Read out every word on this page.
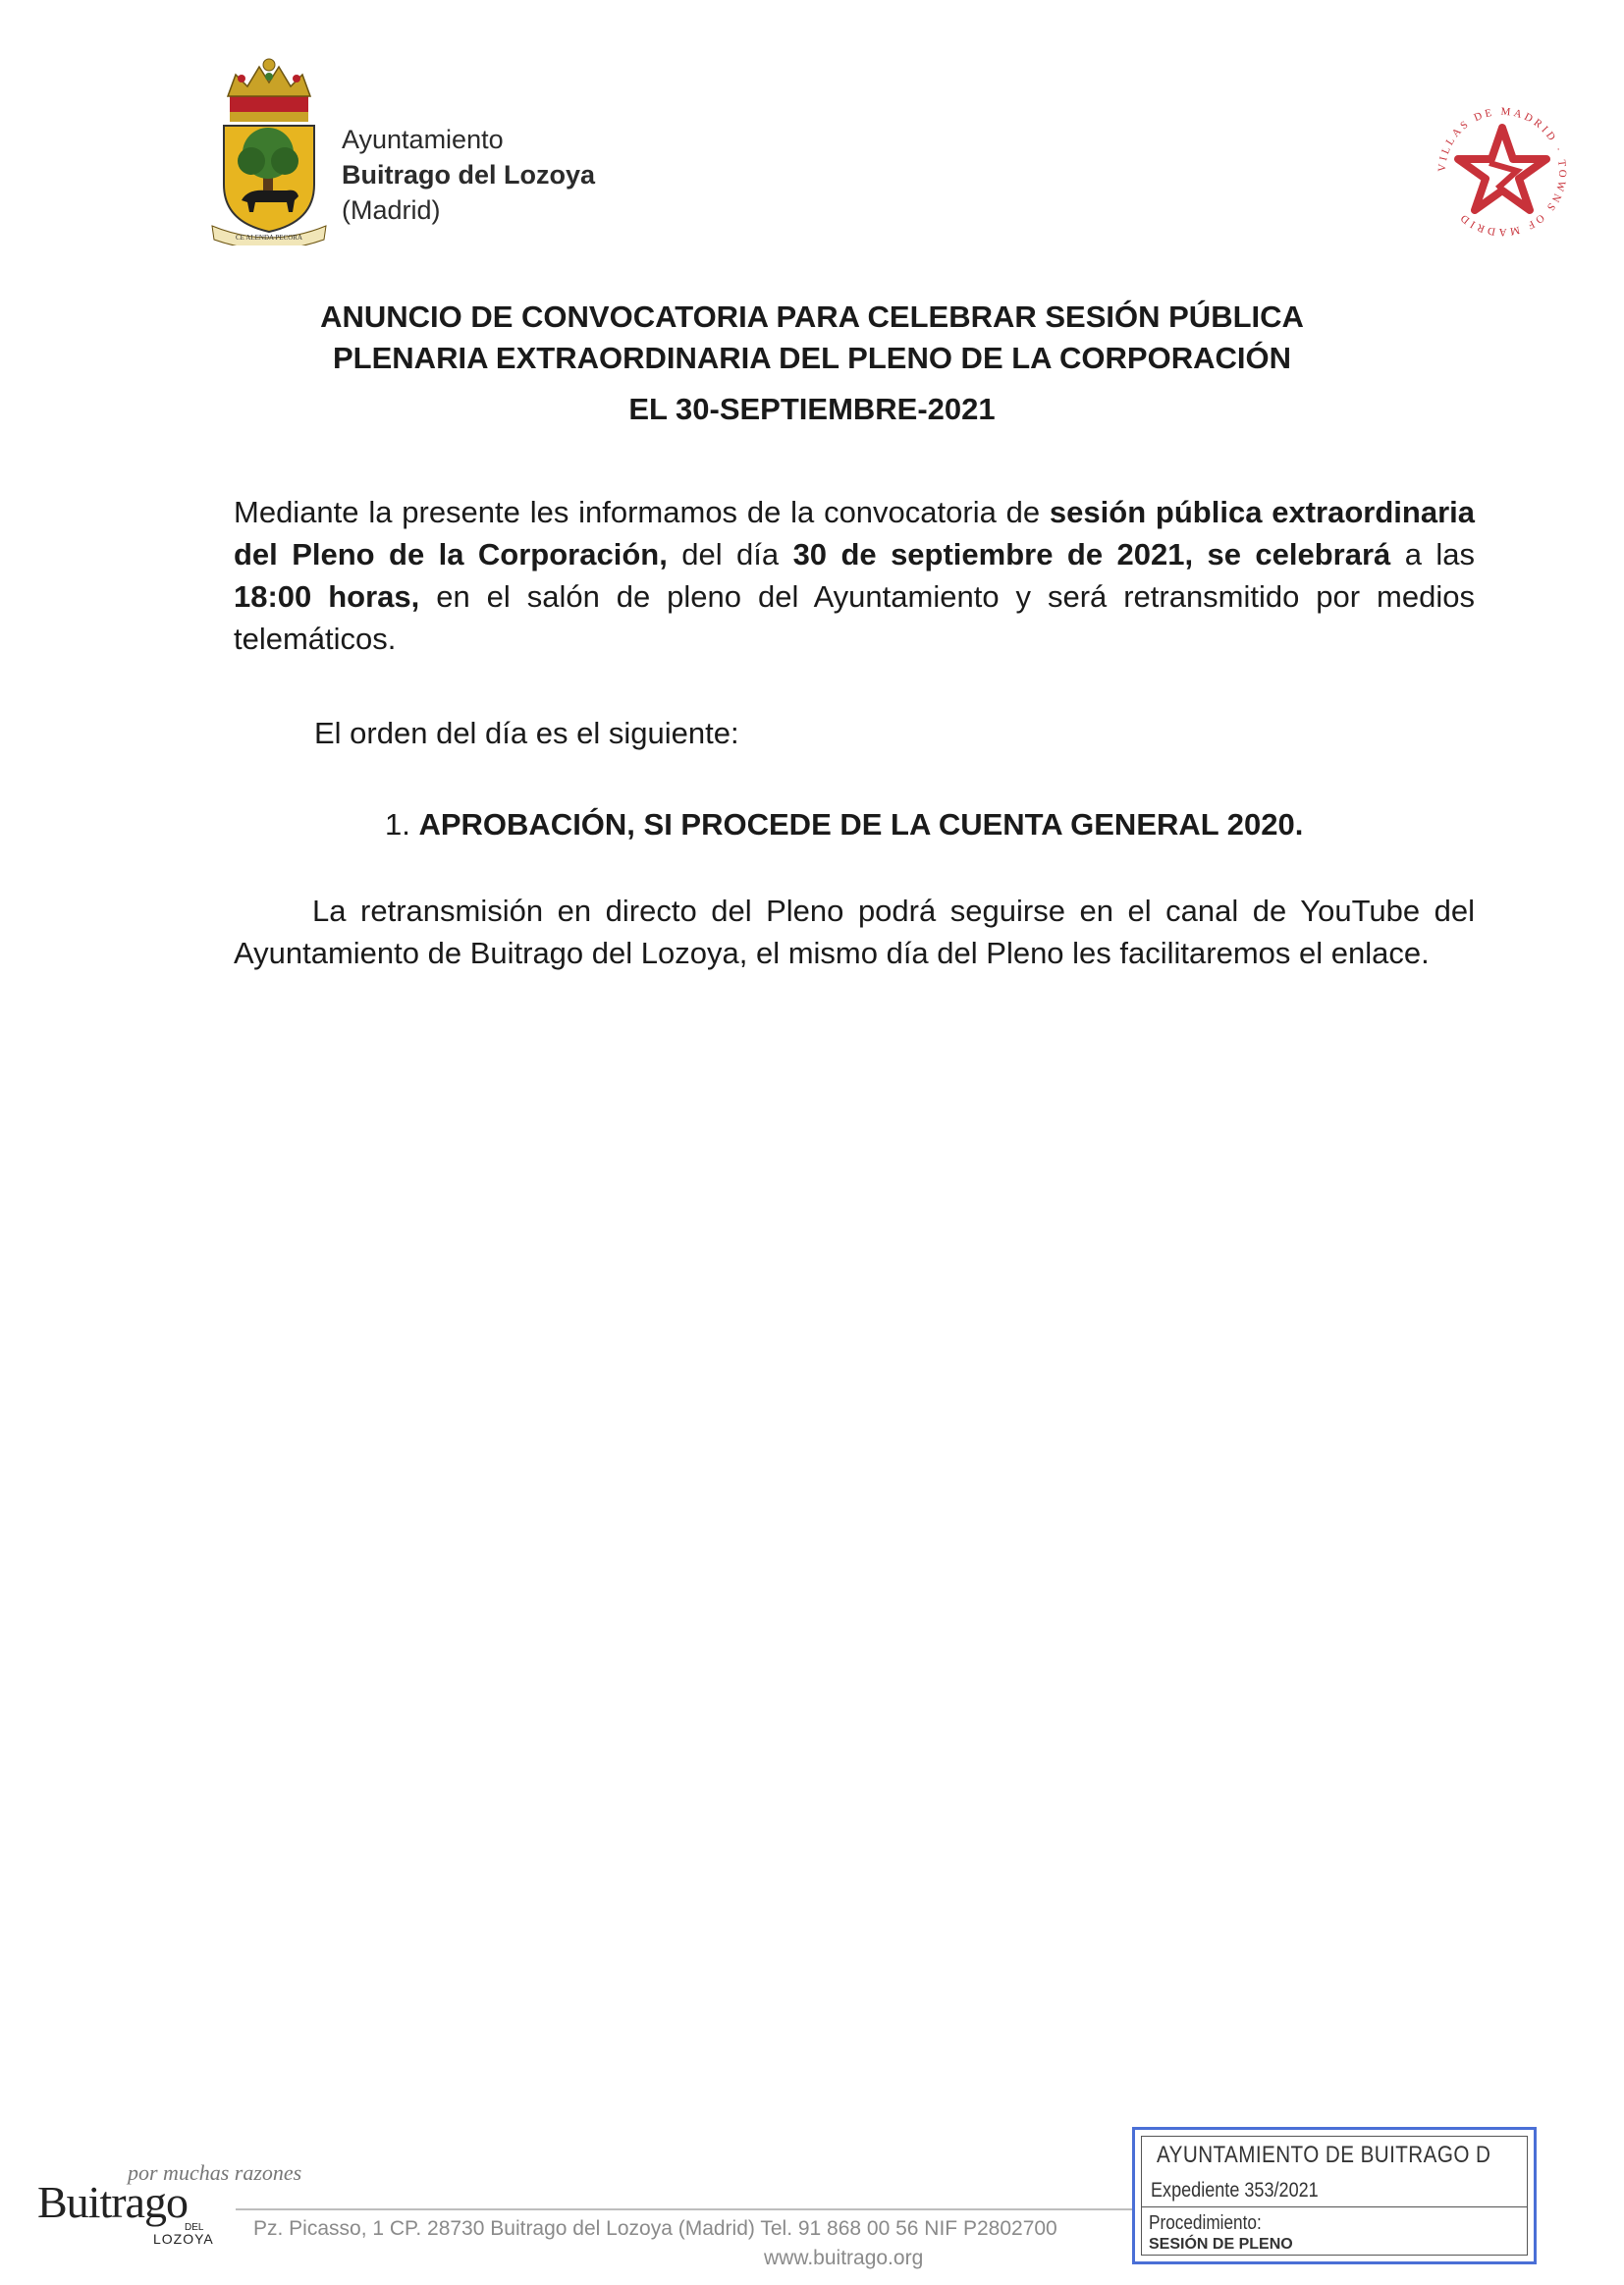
CE ALENDA PECORA
Ayuntamiento
Buitrago del Lozoya
(Madrid)
VILLAS DE MADRID · TOWNS OF MADRID
ANUNCIO DE CONVOCATORIA PARA CELEBRAR SESIÓN PÚBLICA
PLENARIA EXTRAORDINARIA DEL PLENO DE LA CORPORACIÓN
EL 30-SEPTIEMBRE-2021
Mediante la presente les informamos de la convocatoria de sesión pública extraordinaria del Pleno de la Corporación, del día 30 de septiembre de 2021, se celebrará a las 18:00 horas, en el salón de pleno del Ayuntamiento y será retransmitido por medios telemáticos.
El orden del día es el siguiente:
1. APROBACIÓN, SI PROCEDE DE LA CUENTA GENERAL 2020.
La retransmisión en directo del Pleno podrá seguirse en el canal de YouTube del Ayuntamiento de Buitrago del Lozoya, el mismo día del Pleno les facilitaremos el enlace.
por muchas razones
Buitrago
DEL
LOZOYA Pz. Picasso, 1 CP. 28730 Buitrago del Lozoya (Madrid) Tel. 91 868 00 56 NIF P2802700
www.buitrago.org
AYUNTAMIENTO DE BUITRAGO D
Expediente 353/2021
Procedimiento:
SESIÓN DE PLENO
